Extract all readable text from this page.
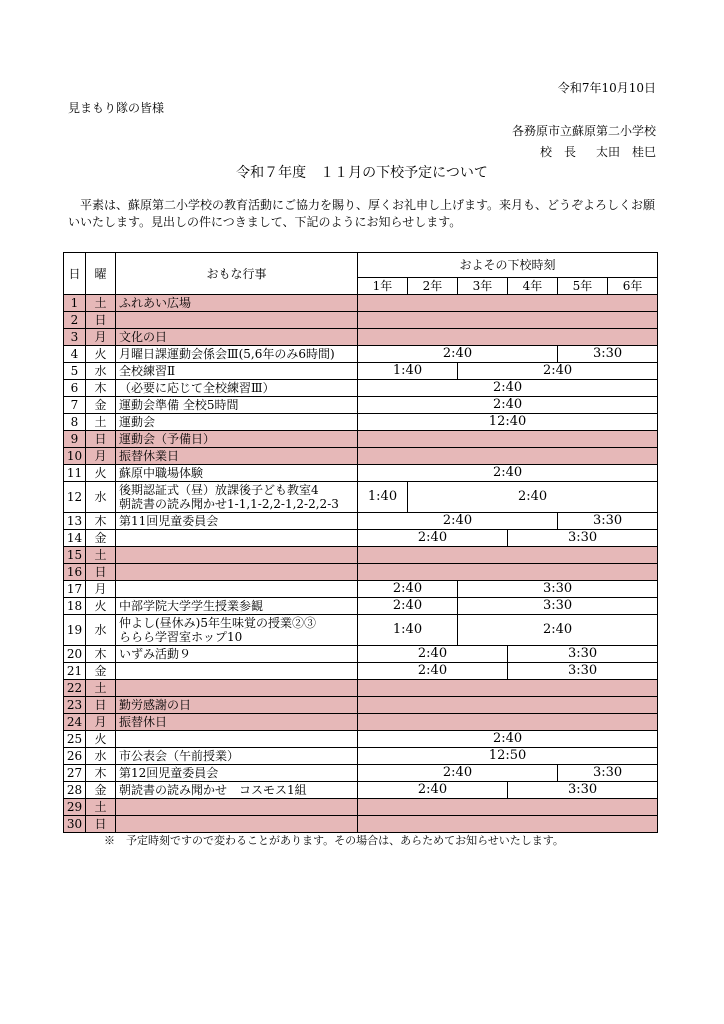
令和7年10月10日
見まもり隊の皆様
各務原市立蘇原第二小学校
校　長 太田　桂巳
令和７年度　１１月の下校予定について
　平素は、蘇原第二小学校の教育活動にご協力を賜り、厚くお礼申し上げます。来月も、どうぞよろしくお願いいたします。見出しの件につきまして、下記のようにお知らせします。
日	曜	おもな行事	およその下校時刻					
			1年	2年	3年	4年	5年	6年
1	土	ふれあい広場						
2	日							
3	月	文化の日						
4	火	月曜日課運動会係会Ⅲ(5,6年のみ6時間)	2:40				3:30	
5	水	全校練習Ⅱ	1:40		2:40			
6	木	（必要に応じて全校練習Ⅲ）	2:40					
7	金	運動会準備 全校5時間	2:40					
8	土	運動会	12:40					
9	日	運動会（予備日）						
10	月	振替休業日						
11	火	蘇原中職場体験	2:40					
12	水	後期認証式（昼）放課後子ども教室4
朝読書の読み聞かせ1-1,1-2,2-1,2-2,2-3	1:40	2:40				
13	木	第11回児童委員会	2:40				3:30	
14	金		2:40			3:30		
15	土							
16	日							
17	月		2:40		3:30			
18	火	中部学院大学学生授業参観	2:40		3:30			
19	水	仲よし(昼休み)5年生味覚の授業②③
ららら学習室ホップ10	1:40		2:40			
20	木	いずみ活動９	2:40			3:30		
21	金		2:40			3:30		
22	土							
23	日	勤労感謝の日						
24	月	振替休日						
25	火		2:40					
26	水	市公表会（午前授業）	12:50					
27	木	第12回児童委員会	2:40				3:30	
28	金	朝読書の読み聞かせ　コスモス1組	2:40			3:30		
29	土							
30	日							
※　予定時刻ですので変わることがあります。その場合は、あらためてお知らせいたします。
